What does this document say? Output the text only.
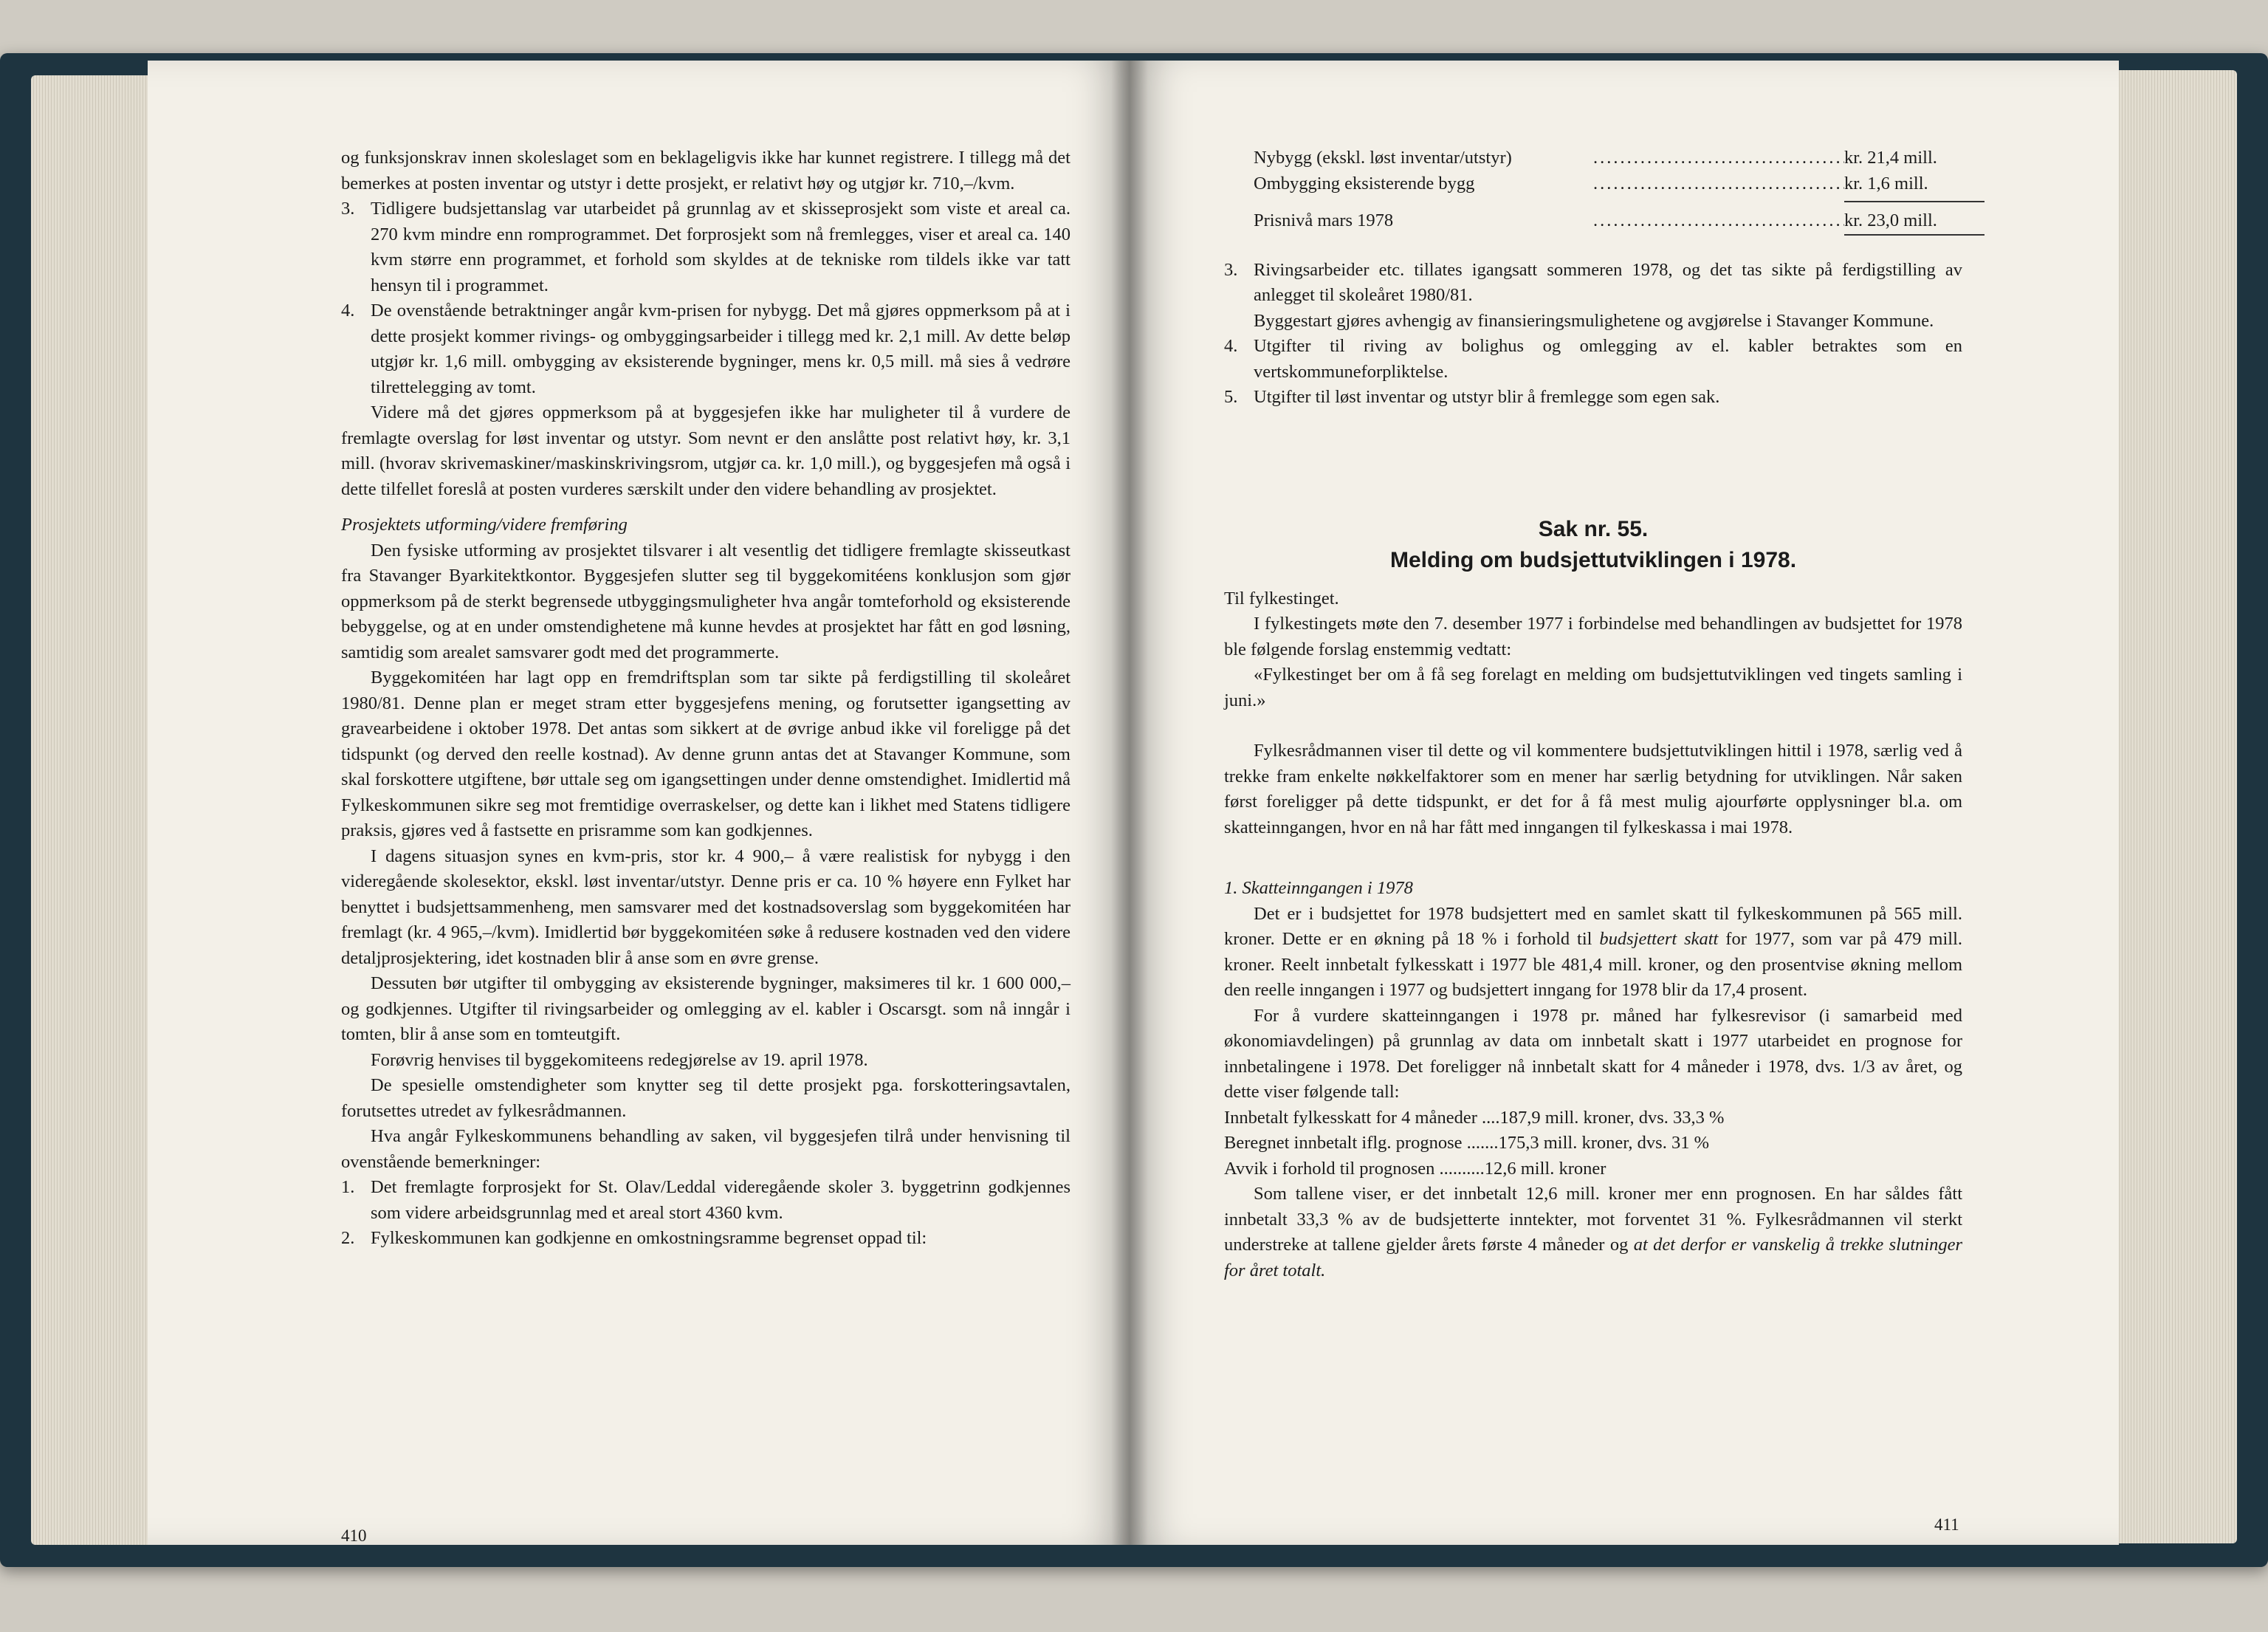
og funksjonskrav innen skoleslaget som en beklageligvis ikke har kunnet registrere. I tillegg må det bemerkes at posten inventar og utstyr i dette prosjekt, er relativt høy og utgjør kr. 710,–/kvm.

3. Tidligere budsjettanslag var utarbeidet på grunnlag av et skisseprosjekt som viste et areal ca. 270 kvm mindre enn romprogrammet. Det forprosjekt som nå fremlegges, viser et areal ca. 140 kvm større enn programmet, et forhold som skyldes at de tekniske rom tildels ikke var tatt hensyn til i programmet.
4. De ovenstående betraktninger angår kvm-prisen for nybygg. Det må gjøres oppmerksom på at i dette prosjekt kommer rivings- og ombyggingsarbeider i tillegg med kr. 2,1 mill. Av dette beløp utgjør kr. 1,6 mill. ombygging av eksisterende bygninger, mens kr. 0,5 mill. må sies å vedrøre tilrettelegging av tomt.

Videre må det gjøres oppmerksom på at byggesjefen ikke har muligheter til å vurdere de fremlagte overslag for løst inventar og utstyr. Som nevnt er den anslåtte post relativt høy, kr. 3,1 mill. (hvorav skrivemaskiner/maskinskrivingsrom, utgjør ca. kr. 1,0 mill.), og byggesjefen må også i dette tilfellet foreslå at posten vurderes særskilt under den videre behandling av prosjektet.

Prosjektets utforming/videre fremføring

Den fysiske utforming av prosjektet tilsvarer i alt vesentlig det tidligere fremlagte skisseutkast fra Stavanger Byarkitektkontor. Byggesjefen slutter seg til byggekomitéens konklusjon som gjør oppmerksom på de sterkt begrensede utbyggingsmuligheter hva angår tomteforhold og eksisterende bebyggelse, og at en under omstendighetene må kunne hevdes at prosjektet har fått en god løsning, samtidig som arealet samsvarer godt med det programmerte.

Byggekomitéen har lagt opp en fremdriftsplan som tar sikte på ferdigstilling til skoleåret 1980/81. Denne plan er meget stram etter byggesjefens mening, og forutsetter igangsetting av gravearbeidene i oktober 1978. Det antas som sikkert at de øvrige anbud ikke vil foreligge på det tidspunkt (og derved den reelle kostnad). Av denne grunn antas det at Stavanger Kommune, som skal forskottere utgiftene, bør uttale seg om igangsettingen under denne omstendighet. Imidlertid må Fylkeskommunen sikre seg mot fremtidige overraskelser, og dette kan i likhet med Statens tidligere praksis, gjøres ved å fastsette en prisramme som kan godkjennes.

I dagens situasjon synes en kvm-pris, stor kr. 4 900,– å være realistisk for nybygg i den videregående skolesektor, ekskl. løst inventar/utstyr. Denne pris er ca. 10 % høyere enn Fylket har benyttet i budsjettsammenheng, men samsvarer med det kostnadsoverslag som byggekomitéen har fremlagt (kr. 4 965,–/kvm). Imidlertid bør byggekomitéen søke å redusere kostnaden ved den videre detaljprosjektering, idet kostnaden blir å anse som en øvre grense.

Dessuten bør utgifter til ombygging av eksisterende bygninger, maksimeres til kr. 1 600 000,– og godkjennes. Utgifter til rivingsarbeider og omlegging av el. kabler i Oscarsgt. som nå inngår i tomten, blir å anse som en tomteutgift.

Forøvrig henvises til byggekomiteens redegjørelse av 19. april 1978.

De spesielle omstendigheter som knytter seg til dette prosjekt pga. forskotteringsavtalen, forutsettes utredet av fylkesrådmannen.

Hva angår Fylkeskommunens behandling av saken, vil byggesjefen tilrå under henvisning til ovenstående bemerkninger:

1. Det fremlagte forprosjekt for St. Olav/Leddal videregående skoler 3. byggetrinn godkjennes som videre arbeidsgrunnlag med et areal stort 4360 kvm.
2. Fylkeskommunen kan godkjenne en omkostningsramme begrenset oppad til:
410
Nybygg (ekskl. løst inventar/utstyr) .....	kr. 21,4 mill.
Ombygging eksisterende bygg .....	kr. 1,6 mill.
Prisnivå mars 1978 .....	kr. 23,0 mill.
3. Rivingsarbeider etc. tillates igangsatt sommeren 1978, og det tas sikte på ferdigstilling av anlegget til skoleåret 1980/81.
Byggestart gjøres avhengig av finansieringsmulighetene og avgjørelse i Stavanger Kommune.
4. Utgifter til riving av bolighus og omlegging av el. kabler betraktes som en vertskommuneforpliktelse.
5. Utgifter til løst inventar og utstyr blir å fremlegge som egen sak.
Sak nr. 55.
Melding om budsjettutviklingen i 1978.

Til fylkestinget.

I fylkestingets møte den 7. desember 1977 i forbindelse med behandlingen av budsjettet for 1978 ble følgende forslag enstemmig vedtatt:

«Fylkestinget ber om å få seg forelagt en melding om budsjettutviklingen ved tingets samling i juni.»

Fylkesrådmannen viser til dette og vil kommentere budsjettutviklingen hittil i 1978, særlig ved å trekke fram enkelte nøkkelfaktorer som en mener har særlig betydning for utviklingen. Når saken først foreligger på dette tidspunkt, er det for å få mest mulig ajourførte opplysninger bl.a. om skatteinngangen, hvor en nå har fått med inngangen til fylkeskassa i mai 1978.

1. Skatteinngangen i 1978

Det er i budsjettet for 1978 budsjettert med en samlet skatt til fylkeskommunen på 565 mill. kroner. Dette er en økning på 18 % i forhold til budsjettert skatt for 1977, som var på 479 mill. kroner. Reelt innbetalt fylkesskatt i 1977 ble 481,4 mill. kroner, og den prosentvise økning mellom den reelle inngangen i 1977 og budsjettert inngang for 1978 blir da 17,4 prosent.

For å vurdere skatteinngangen i 1978 pr. måned har fylkesrevisor (i samarbeid med økonomiavdelingen) på grunnlag av data om innbetalt skatt i 1977 utarbeidet en prognose for innbetalingene i 1978. Det foreligger nå innbetalt skatt for 4 måneder i 1978, dvs. 1/3 av året, og dette viser følgende tall:

Innbetalt fylkesskatt for 4 måneder ....187,9 mill. kroner, dvs. 33,3 %

Beregnet innbetalt iflg. prognose .......175,3 mill. kroner, dvs. 31 %

Avvik i forhold til prognosen ..........12,6 mill. kroner

Som tallene viser, er det innbetalt 12,6 mill. kroner mer enn prognosen. En har såldes fått innbetalt 33,3 % av de budsjetterte inntekter, mot forventet 31 %. Fylkesrådmannen vil sterkt understreke at tallene gjelder årets første 4 måneder og at det derfor er vanskelig å trekke slutninger for året totalt.

411
